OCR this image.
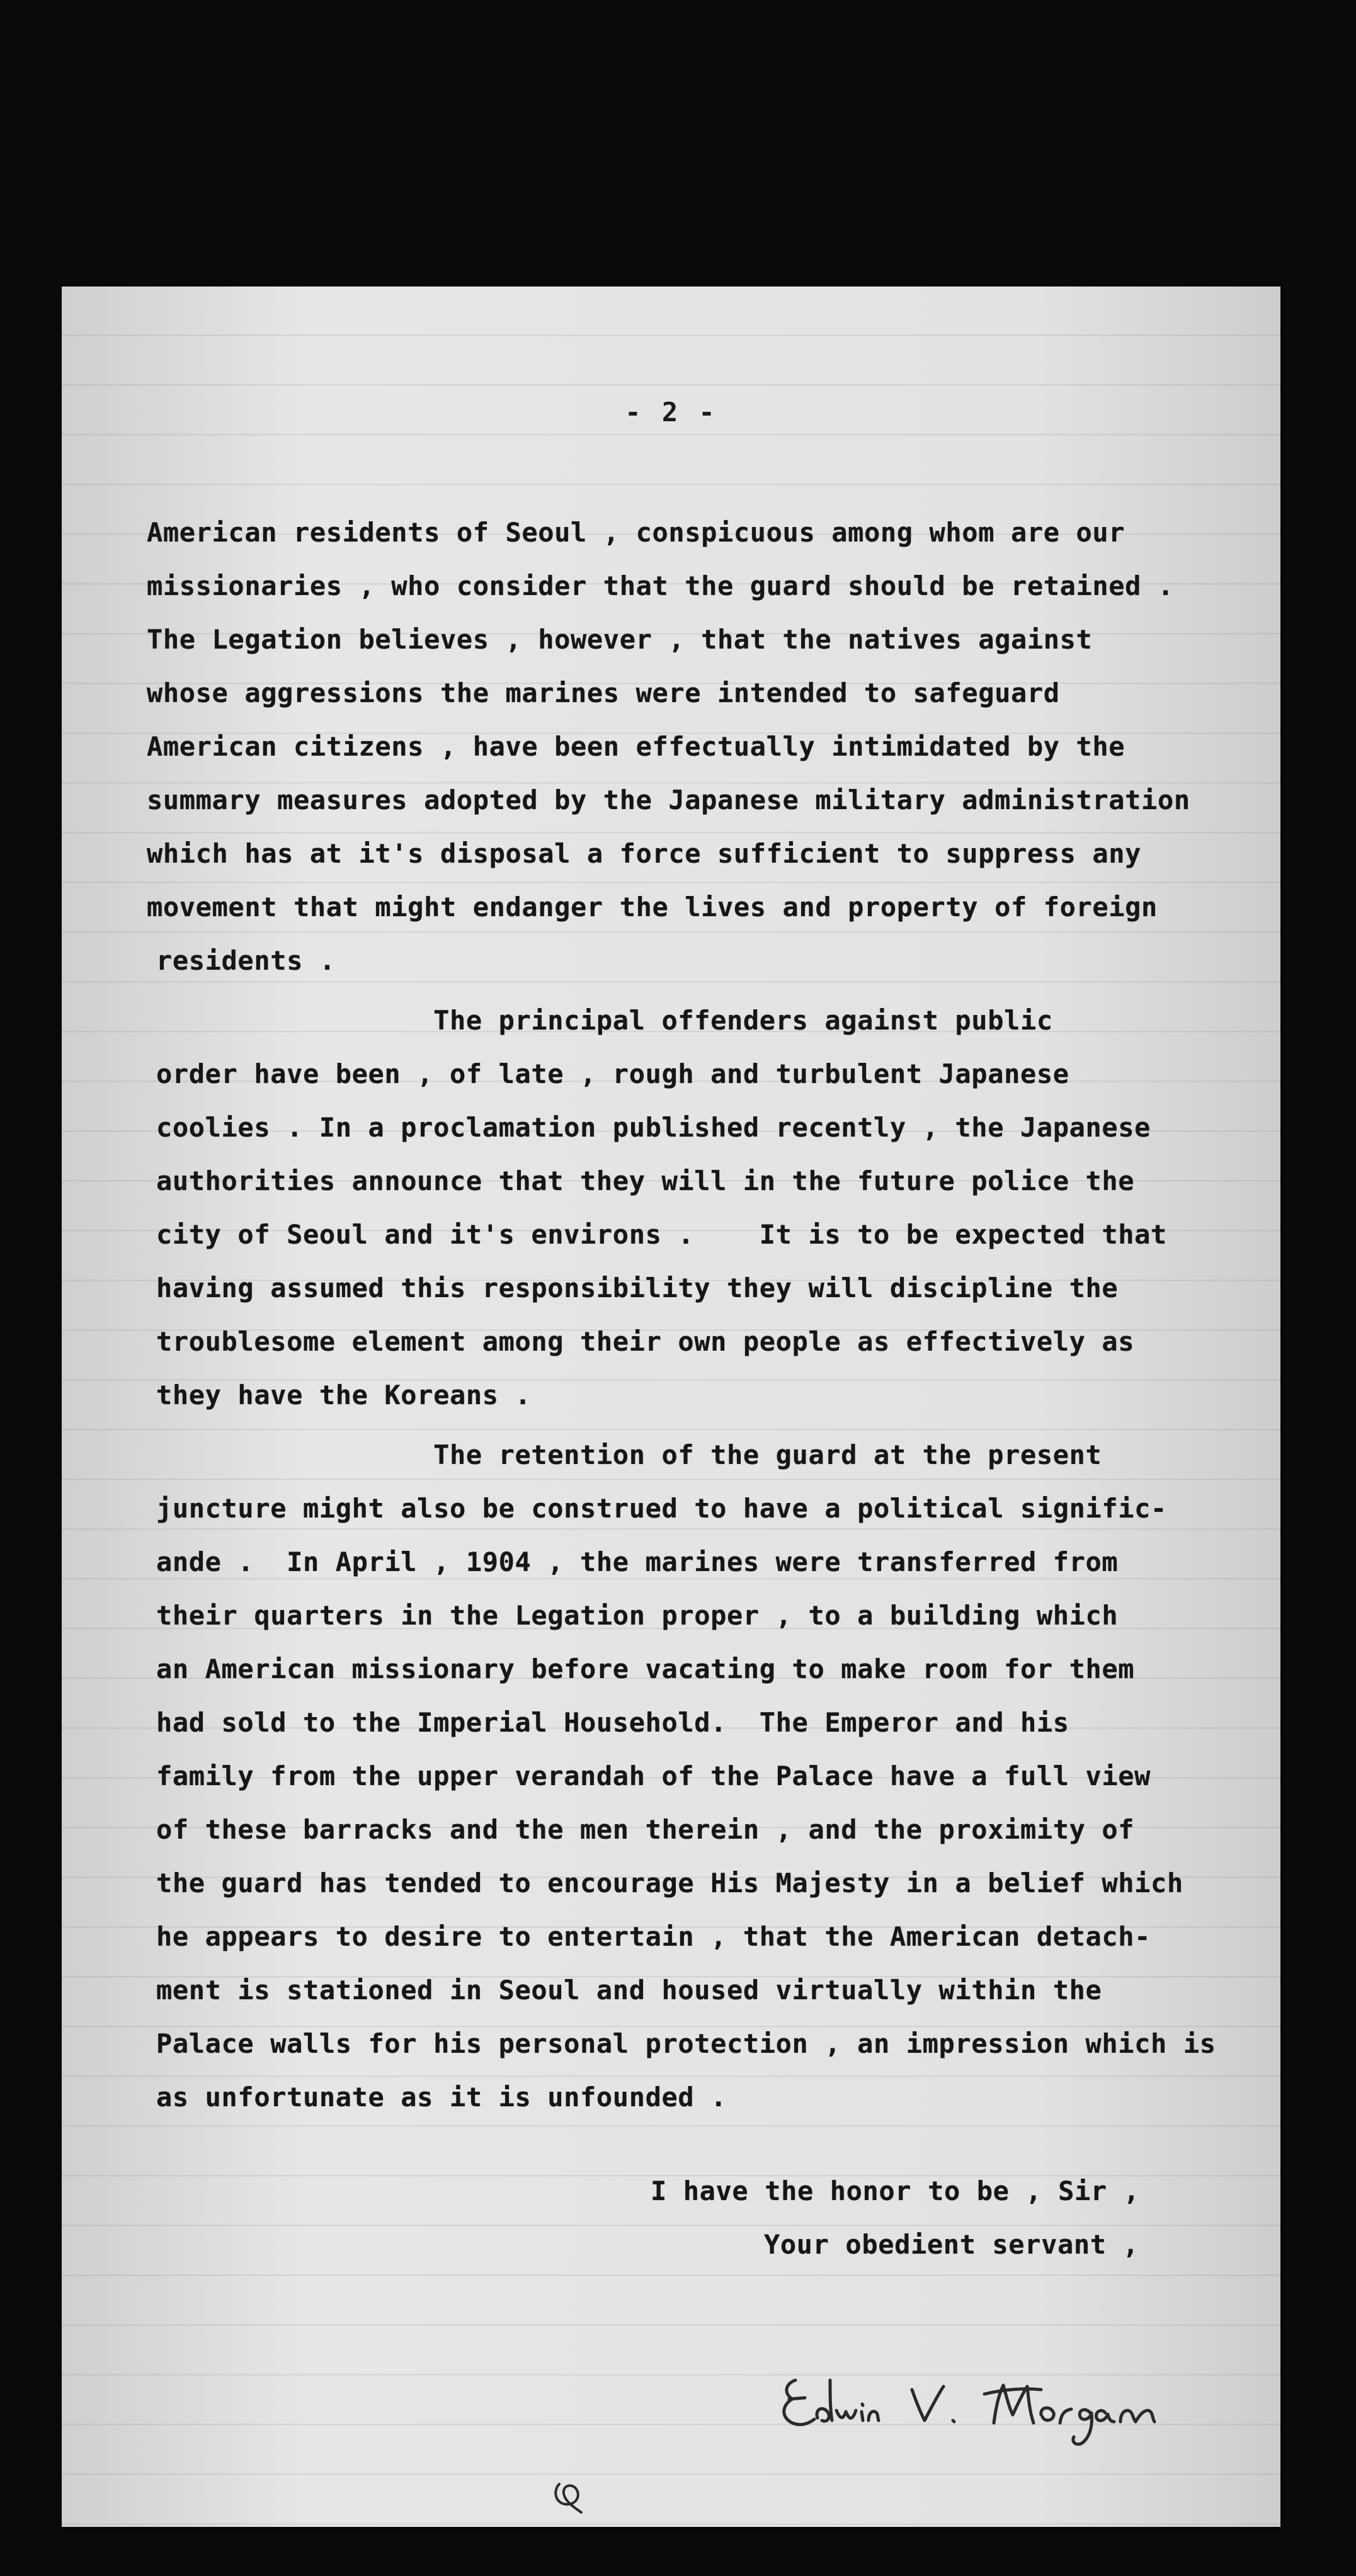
- 2 -
American residents of Seoul , conspicuous among whom are our
missionaries , who consider that the guard should be retained .
The Legation believes , however , that the natives against
whose aggressions the marines were intended to safeguard
American citizens , have been effectually intimidated by the
summary measures adopted by the Japanese military administration
which has at it's disposal a force sufficient to suppress any
movement that might endanger the lives and property of foreign
residents .
The principal offenders against public
order have been , of late , rough and turbulent Japanese
coolies . In a proclamation published recently , the Japanese
authorities announce that they will in the future police the
city of Seoul and it's environs .    It is to be expected that
having assumed this responsibility they will discipline the
troublesome element among their own people as effectively as
they have the Koreans .
The retention of the guard at the present
juncture might also be construed to have a political signific-
ande .  In April , 1904 , the marines were transferred from
their quarters in the Legation proper , to a building which
an American missionary before vacating to make room for them
had sold to the Imperial Household.  The Emperor and his
family from the upper verandah of the Palace have a full view
of these barracks and the men therein , and the proximity of
the guard has tended to encourage His Majesty in a belief which
he appears to desire to entertain , that the American detach-
ment is stationed in Seoul and housed virtually within the
Palace walls for his personal protection , an impression which is
as unfortunate as it is unfounded .
I have the honor to be , Sir ,
Your obedient servant ,
